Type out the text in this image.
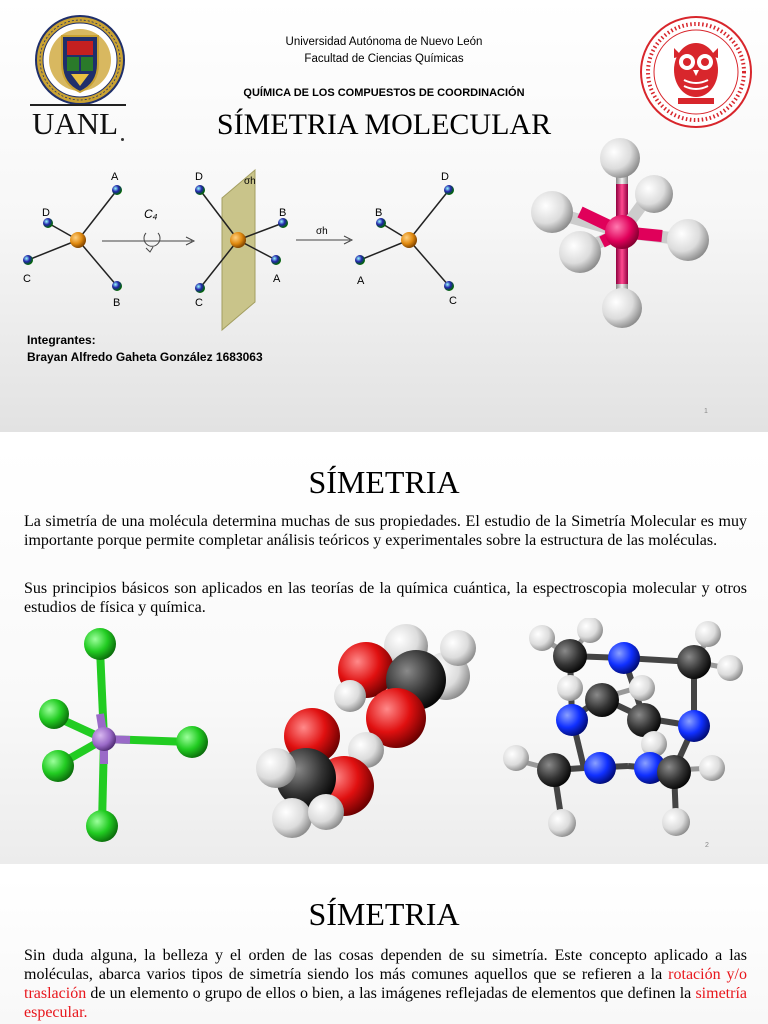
UANL
Universidad Autónoma de Nuevo León
Facultad de Ciencias Químicas
QUÍMICA DE LOS COMPUESTOS DE COORDINACIÓN
SÍMETRIA MOLECULAR
A
B
D
C
C₄
σh
D
C
B
A
σh
D
C
B
A
Integrantes:
Brayan Alfredo Gaheta González 1683063
1
SÍMETRIA
La simetría de una molécula determina muchas de sus propiedades. El estudio de la Simetría Molecular es muy importante porque permite completar análisis teóricos y experimentales sobre la estructura de las moléculas.
Sus principios básicos son aplicados en las teorías de la química cuántica, la espectroscopia molecular y otros estudios de física y química.
2
SÍMETRIA
Sin duda alguna, la belleza y el orden de las cosas dependen de su simetría. Este concepto aplicado a las moléculas, abarca varios tipos de simetría siendo los más comunes aquellos que se refieren a la rotación y/o traslación de un elemento o grupo de ellos o bien, a las imágenes reflejadas de elementos que definen la simetría especular.
